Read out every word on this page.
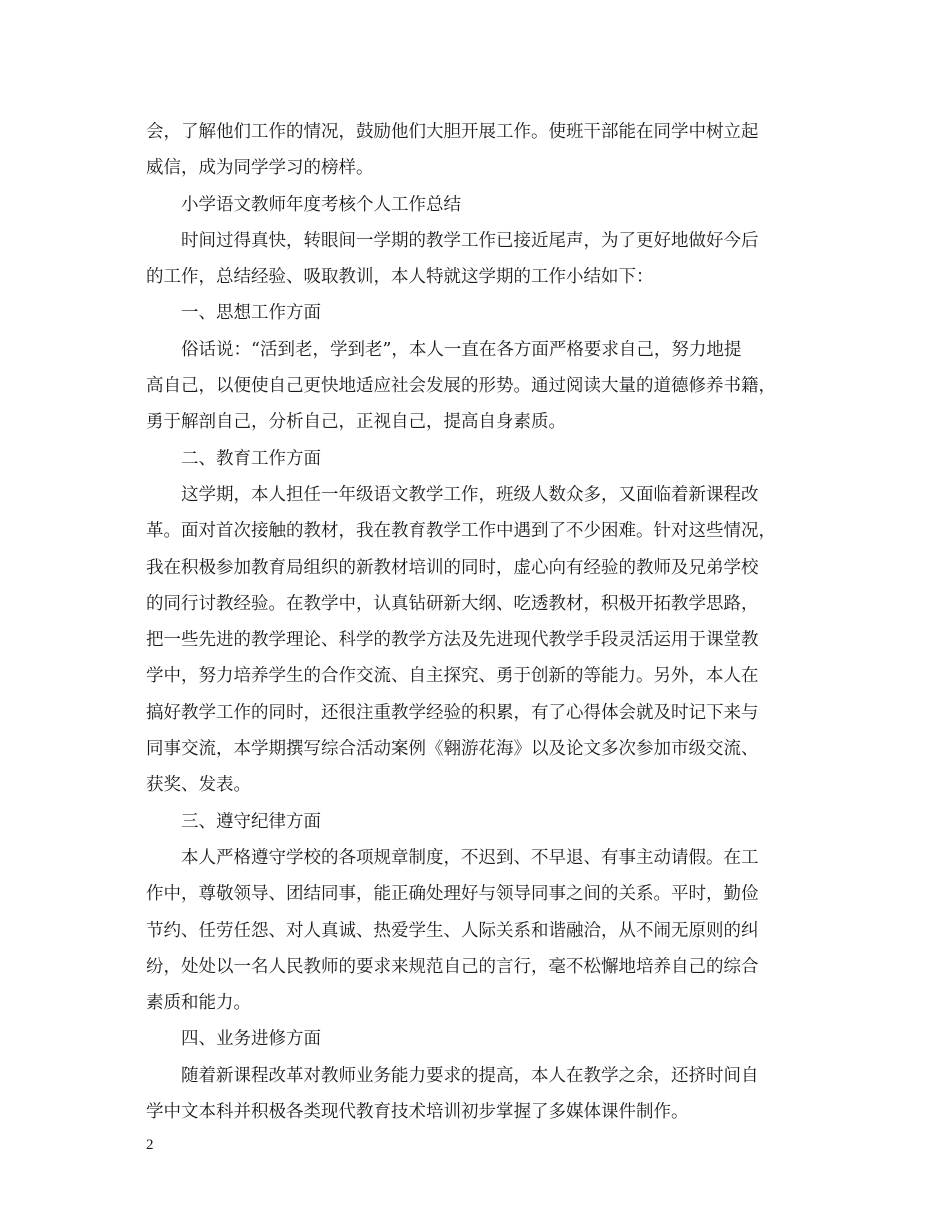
会，了解他们工作的情况，鼓励他们大胆开展工作。使班干部能在同学中树立起
威信，成为同学学习的榜样。
小学语文教师年度考核个人工作总结
时间过得真快，转眼间一学期的教学工作已接近尾声，为了更好地做好今后
的工作，总结经验、吸取教训，本人特就这学期的工作小结如下：
一、思想工作方面
俗话说：“活到老，学到老”，本人一直在各方面严格要求自己，努力地提
高自己，以便使自己更快地适应社会发展的形势。通过阅读大量的道德修养书籍，
勇于解剖自己，分析自己，正视自己，提高自身素质。
二、教育工作方面
这学期，本人担任一年级语文教学工作，班级人数众多，又面临着新课程改
革。面对首次接触的教材，我在教育教学工作中遇到了不少困难。针对这些情况，
我在积极参加教育局组织的新教材培训的同时，虚心向有经验的教师及兄弟学校
的同行讨教经验。在教学中，认真钻研新大纲、吃透教材，积极开拓教学思路，
把一些先进的教学理论、科学的教学方法及先进现代教学手段灵活运用于课堂教
学中，努力培养学生的合作交流、自主探究、勇于创新的等能力。另外，本人在
搞好教学工作的同时，还很注重教学经验的积累，有了心得体会就及时记下来与
同事交流，本学期撰写综合活动案例《翱游花海》以及论文多次参加市级交流、
获奖、发表。
三、遵守纪律方面
本人严格遵守学校的各项规章制度，不迟到、不早退、有事主动请假。在工
作中，尊敬领导、团结同事，能正确处理好与领导同事之间的关系。平时，勤俭
节约、任劳任怨、对人真诚、热爱学生、人际关系和谐融洽，从不闹无原则的纠
纷，处处以一名人民教师的要求来规范自己的言行，毫不松懈地培养自己的综合
素质和能力。
四、业务进修方面
随着新课程改革对教师业务能力要求的提高，本人在教学之余，还挤时间自
学中文本科并积极各类现代教育技术培训初步掌握了多媒体课件制作。
2
